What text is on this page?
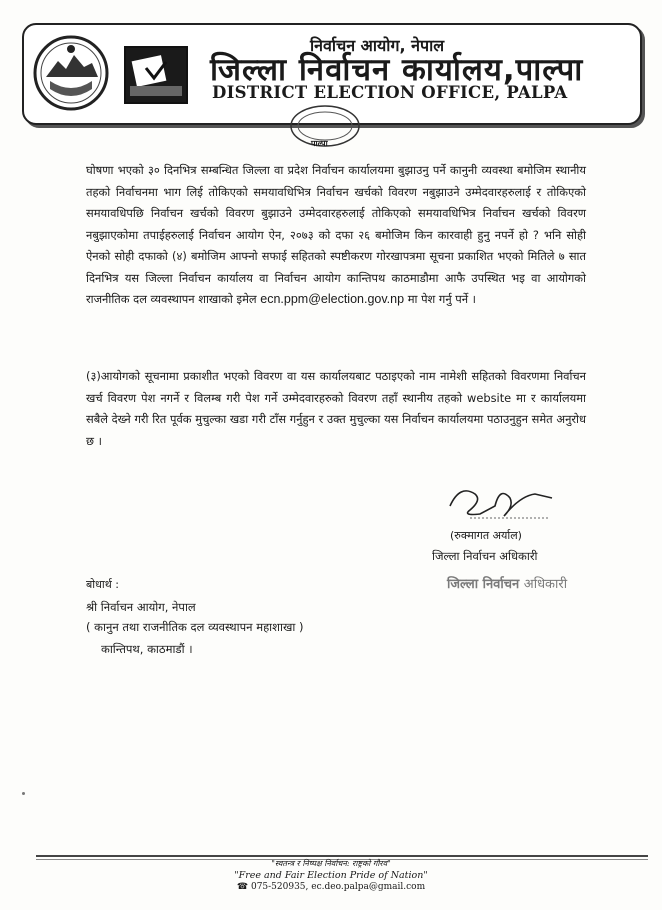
निर्वाचन आयोग, नेपाल
जिल्ला निर्वाचन कार्यालय,पाल्पा
DISTRICT ELECTION OFFICE, PALPA
पाल्पा
घोषणा भएको ३० दिनभित्र सम्बन्धित जिल्ला वा प्रदेश निर्वाचन कार्यालयमा बुझाउनु पर्ने कानुनी व्यवस्था बमोजिम स्थानीय तहको निर्वाचनमा भाग लिई तोकिएको समयावधिभित्र निर्वाचन खर्चको विवरण नबुझाउने उम्मेदवारहरुलाई र तोकिएको समयावधिपछि निर्वाचन खर्चको विवरण बुझाउने उम्मेदवारहरुलाई तोकिएको समयावधिभित्र निर्वाचन खर्चको विवरण नबुझाएकोमा तपाईहरुलाई निर्वाचन आयोग ऐन, २०७३ को दफा २६ बमोजिम किन कारवाही हुनु नपर्ने हो ? भनि सोही ऐनको सोही दफाको (४) बमोजिम आफ्नो सफाई सहितको स्पष्टीकरण गोरखापत्रमा सूचना प्रकाशित भएको मितिले ७ सात दिनभित्र यस जिल्ला निर्वाचन कार्यालय वा निर्वाचन आयोग कान्तिपथ काठमाडौमा आफै उपस्थित भइ वा आयोगको राजनीतिक दल व्यवस्थापन शाखाको इमेल ecn.ppm@election.gov.np मा पेश गर्नु पर्ने ।
(३)आयोगको सूचनामा प्रकाशीत भएको विवरण वा यस कार्यालयबाट पठाइएको नाम नामेशी सहितको विवरणमा निर्वाचन खर्च विवरण पेश नगर्ने र विलम्ब गरी पेश गर्ने उम्मेदवारहरुको विवरण तहाँ स्थानीय तहको website मा र कार्यालयमा सबैले देख्ने गरी रित पूर्वक मुचुल्का खडा गरी टाँस गर्नुहुन र उक्त मुचुल्का यस निर्वाचन कार्यालयमा पठाउनुहुन समेत अनुरोध छ ।
(रुक्मागत अर्याल)
जिल्ला निर्वाचन अधिकारी
जिल्ला निर्वाचन अधिकारी
बोधार्थ :
श्री निर्वाचन आयोग, नेपाल
( कानुन तथा राजनीतिक दल व्यवस्थापन महाशाखा )
कान्तिपथ, काठमाडौं ।
"स्वतन्त्र र निष्पक्ष निर्वाचन: राष्ट्रको गौरव"
"Free and Fair Election Pride of Nation"
☎ 075-520935, ec.deo.palpa@gmail.com
